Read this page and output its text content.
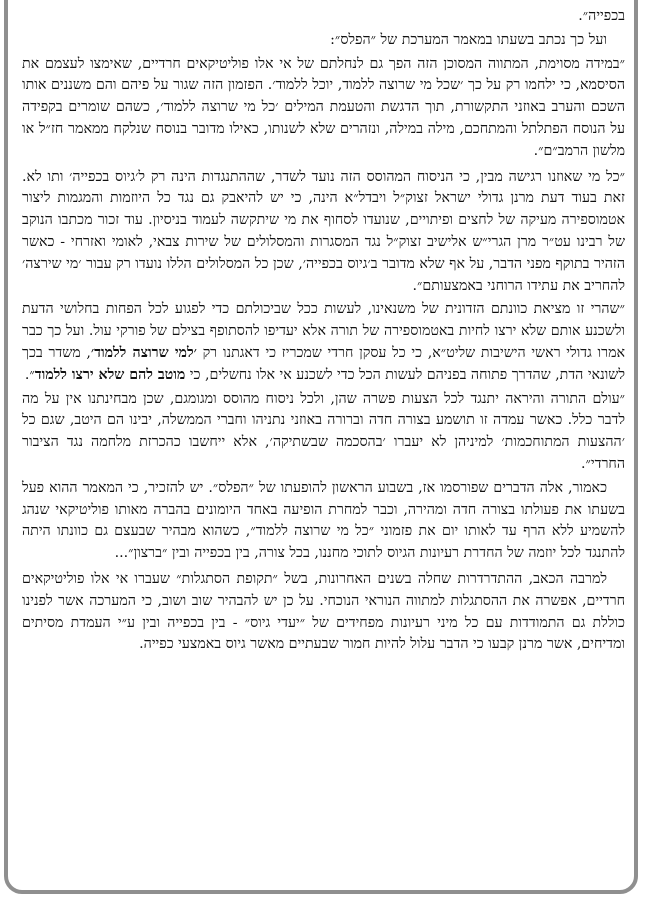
בכפייה״.

ועל כך נכתב בשעתו במאמר המערכת של ״הפלס״:

״במידה מסוימת, המתווה המסוכן הזה הפך גם לנחלתם של אי אלו פוליטיקאים חרדיים, שאימצו לעצמם את הסיסמא, כי ילחמו רק על כך ׳שכל מי שרוצה ללמוד, יוכל ללמוד׳. הפזמון הזה שגור על פיהם והם משננים אותו השכם והערב באוזני התקשורת, תוך הדגשת והטעמת המילים ׳כל מי שרוצה ללמוד׳, כשהם שומרים בקפידה על הנוסח הפתלתל והמתחכם, מילה במילה, ונזהרים שלא לשנותו, כאילו מדובר בנוסח שנלקח ממאמר חז״ל או מלשון הרמב״ם״.

״כל מי שאוזנו רגישה מבין, כי הניסוח המהוסס הזה נועד לשדר, שההתנגדות הינה רק ל׳גיוס בכפייה׳ ותו לא. זאת בעוד דעת מרנן גדולי ישראל זצוק״ל ויבדל״א הינה, כי יש להיאבק גם נגד כל היוזמות והמגמות ליצור אטמוספירה מעיקה של לחצים ופיתויים, שנועדו לסחוף את מי שיתקשה לעמוד בניסיון. עוד זכור מכתבו הנוקב של רבינו עט״ר מרן הגרי״ש אלישיב זצוק״ל נגד המסגרות והמסלולים של שירות צבאי, לאומי ואזרחי - כאשר הזהיר בתוקף מפני הדבר, על אף שלא מדובר ב׳גיוס בכפייה׳, שכן כל המסלולים הללו נועדו רק עבור ׳מי שירצה׳ להחריב את עתידו הרוחני באמצעותם״.

״שהרי זו מציאת כוונתם הזדונית של משנאינו, לעשות ככל שביכולתם כדי לפגוע לכל הפחות בחלושי הדעת ולשכנע אותם שלא ירצו לחיות באטמוספירה של תורה אלא יעדיפו להסתופף בצילם של פורקי עול. ועל כך כבר אמרו גדולי ראשי הישיבות שליט״א, כי כל עסקן חרדי שמכריז כי דאגתנו רק ׳למי שרוצה ללמוד׳, משדר בכך לשונאי הדת, שהדרך פתוחה בפניהם לעשות הכל כדי לשכנע אי אלו נחשלים, כי מוטב להם שלא ירצו ללמוד״.

״עולם התורה והיראה יתנגד לכל הצעות פשרה שהן, ולכל ניסוח מהוסס ומגומגם, שכן מבחינתנו אין על מה לדבר כלל. כאשר עמדה זו תושמע בצורה חדה וברורה באוזני נתניהו וחברי הממשלה, יבינו הם היטב, שגם כל ׳ההצעות המתוחכמות׳ למיניהן לא יעברו ׳בהסכמה שבשתיקה׳, אלא ייחשבו כהכרזת מלחמה נגד הציבור החרדי״.

כאמור, אלה הדברים שפורסמו אז, בשבוע הראשון להופעתו של ״הפלס״. יש להזכיר, כי המאמר ההוא פעל בשעתו את פעולתו בצורה חדה ומהירה, וכבר למחרת הופיעה באחד היומונים בהברה מאותו פוליטיקאי שנהג להשמיע ללא הרף עד לאותו יום את פזמוני ״כל מי שרוצה ללמוד״, כשהוא מבהיר שבעצם גם כוונתו היתה להתנגד לכל יוזמה של החדרת רעיונות הגיוס לתוכי מחננו, בכל צורה, בין בכפייה ובין ״ברצון״...

למרבה הכאב, ההתדרדרות שחלה בשנים האחרונות, בשל ״תקופת הסתגלות״ שעברו אי אלו פוליטיקאים חרדיים, אפשרה את ההסתגלות למתווה הנוראי הנוכחי. על כן יש להבהיר שוב ושוב, כי המערכה אשר לפנינו כוללת גם התמודדות עם כל מיני רעיונות מפחידים של ״יעדי גיוס״ - בין בכפייה ובין ע״י העמדת מסיתים ומדיחים, אשר מרנן קבעו כי הדבר עלול להיות חמור שבעתיים מאשר גיוס באמצעי כפייה.
